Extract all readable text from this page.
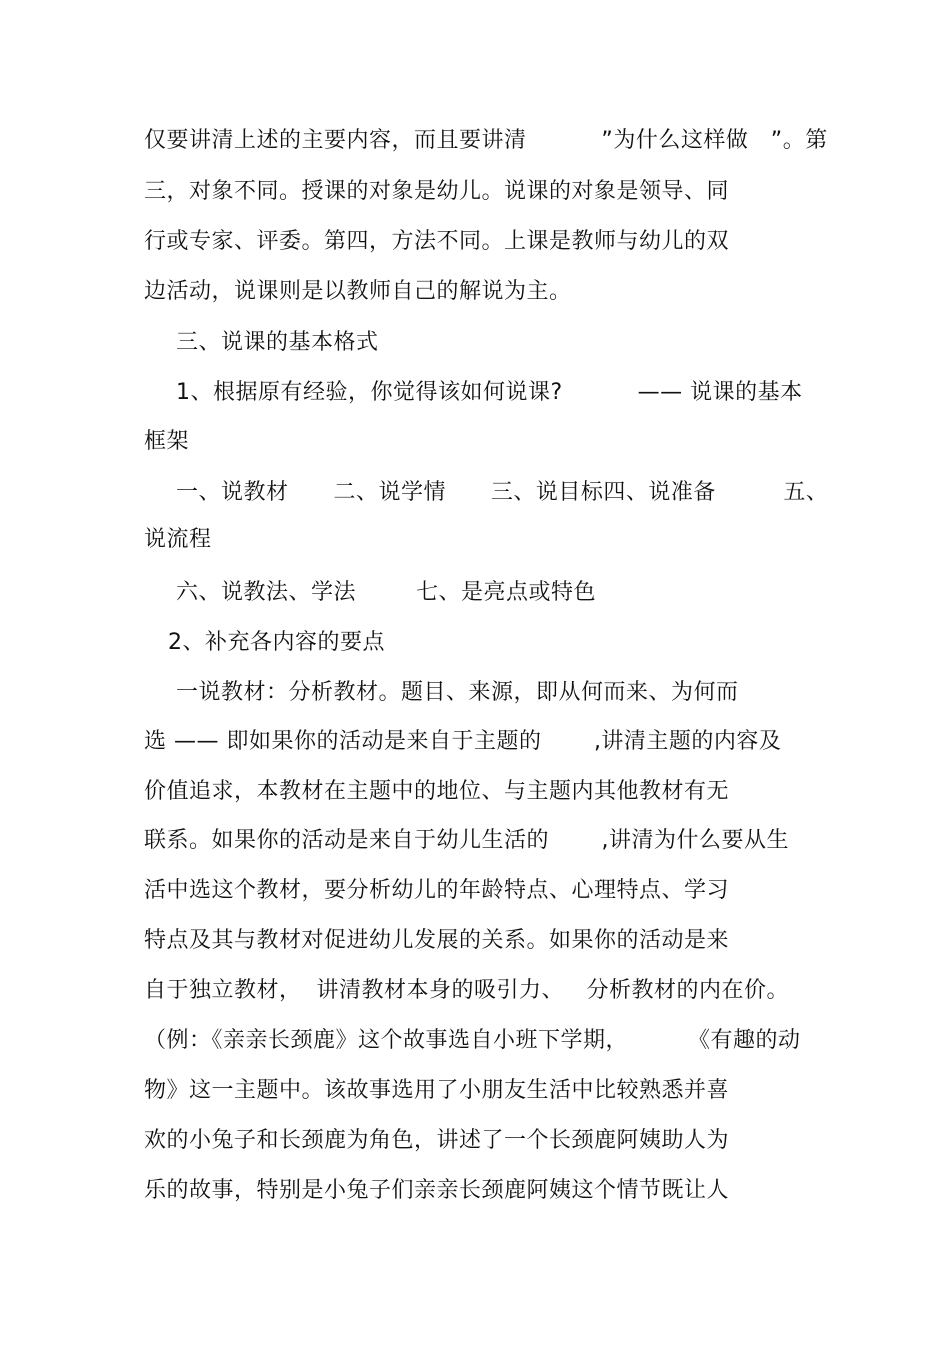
仅要讲清上述的主要内容，而且要讲清          ”为什么这样做   ”。第
三，对象不同。授课的对象是幼儿。说课的对象是领导、同
行或专家、评委。第四，方法不同。上课是教师与幼儿的双
边活动，说课则是以教师自己的解说为主。
三、说课的基本格式
1、根据原有经验，你觉得该如何说课?          —— 说课的基本
框架
一、说教材      二、说学情      三、说目标四、说准备         五、
说流程
六、说教法、学法        七、是亮点或特色
2、补充各内容的要点
一说教材：分析教材。题目、来源，即从何而来、为何而
选 —— 即如果你的活动是来自于主题的       ,讲清主题的内容及
价值追求，本教材在主题中的地位、与主题内其他教材有无
联系。如果你的活动是来自于幼儿生活的       ,讲清为什么要从生
活中选这个教材，要分析幼儿的年龄特点、心理特点、学习
特点及其与教材对促进幼儿发展的关系。如果你的活动是来
自于独立教材，  讲清教材本身的吸引力、   分析教材的内在价。
（例：《亲亲长颈鹿》这个故事选自小班下学期，        《有趣的动
物》这一主题中。该故事选用了小朋友生活中比较熟悉并喜
欢的小兔子和长颈鹿为角色，讲述了一个长颈鹿阿姨助人为
乐的故事，特别是小兔子们亲亲长颈鹿阿姨这个情节既让人
